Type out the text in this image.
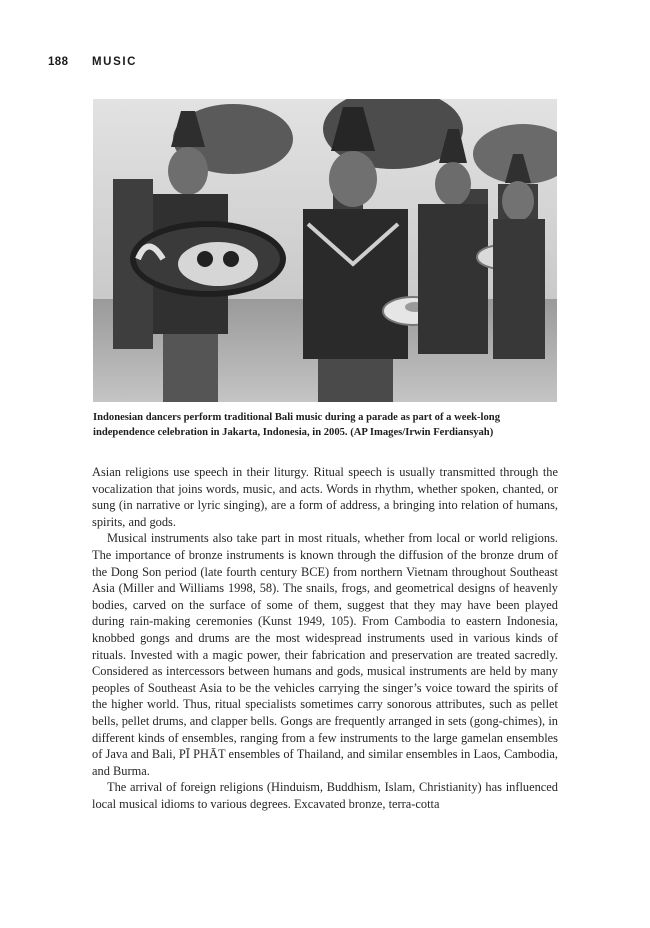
188 MUSIC
Indonesian dancers perform traditional Bali music during a parade as part of a week-long independence celebration in Jakarta, Indonesia, in 2005. (AP Images/Irwin Ferdiansyah)

Asian religions use speech in their liturgy. Ritual speech is usually transmitted through the vocalization that joins words, music, and acts. Words in rhythm, whether spoken, chanted, or sung (in narrative or lyric singing), are a form of address, a bringing into relation of humans, spirits, and gods.

Musical instruments also take part in most rituals, whether from local or world religions. The importance of bronze instruments is known through the diffusion of the bronze drum of the Dong Son period (late fourth century BCE) from northern Vietnam throughout Southeast Asia (Miller and Williams 1998, 58). The snails, frogs, and geometrical designs of heavenly bodies, carved on the surface of some of them, suggest that they may have been played during rain-making ceremonies (Kunst 1949, 105). From Cambodia to eastern Indonesia, knobbed gongs and drums are the most widespread instruments used in various kinds of rituals. Invested with a magic power, their fabrication and preservation are treated sacredly. Considered as intercessors between humans and gods, musical instruments are held by many peoples of Southeast Asia to be the vehicles carrying the singer’s voice toward the spirits of the higher world. Thus, ritual specialists sometimes carry sonorous attributes, such as pellet bells, pellet drums, and clapper bells. Gongs are frequently arranged in sets (gong-chimes), in different kinds of ensembles, ranging from a few instruments to the large gamelan ensembles of Java and Bali, PĪ PHĀT ensembles of Thailand, and similar ensembles in Laos, Cambodia, and Burma.

The arrival of foreign religions (Hinduism, Buddhism, Islam, Christianity) has influenced local musical idioms to various degrees. Excavated bronze, terra-cotta
